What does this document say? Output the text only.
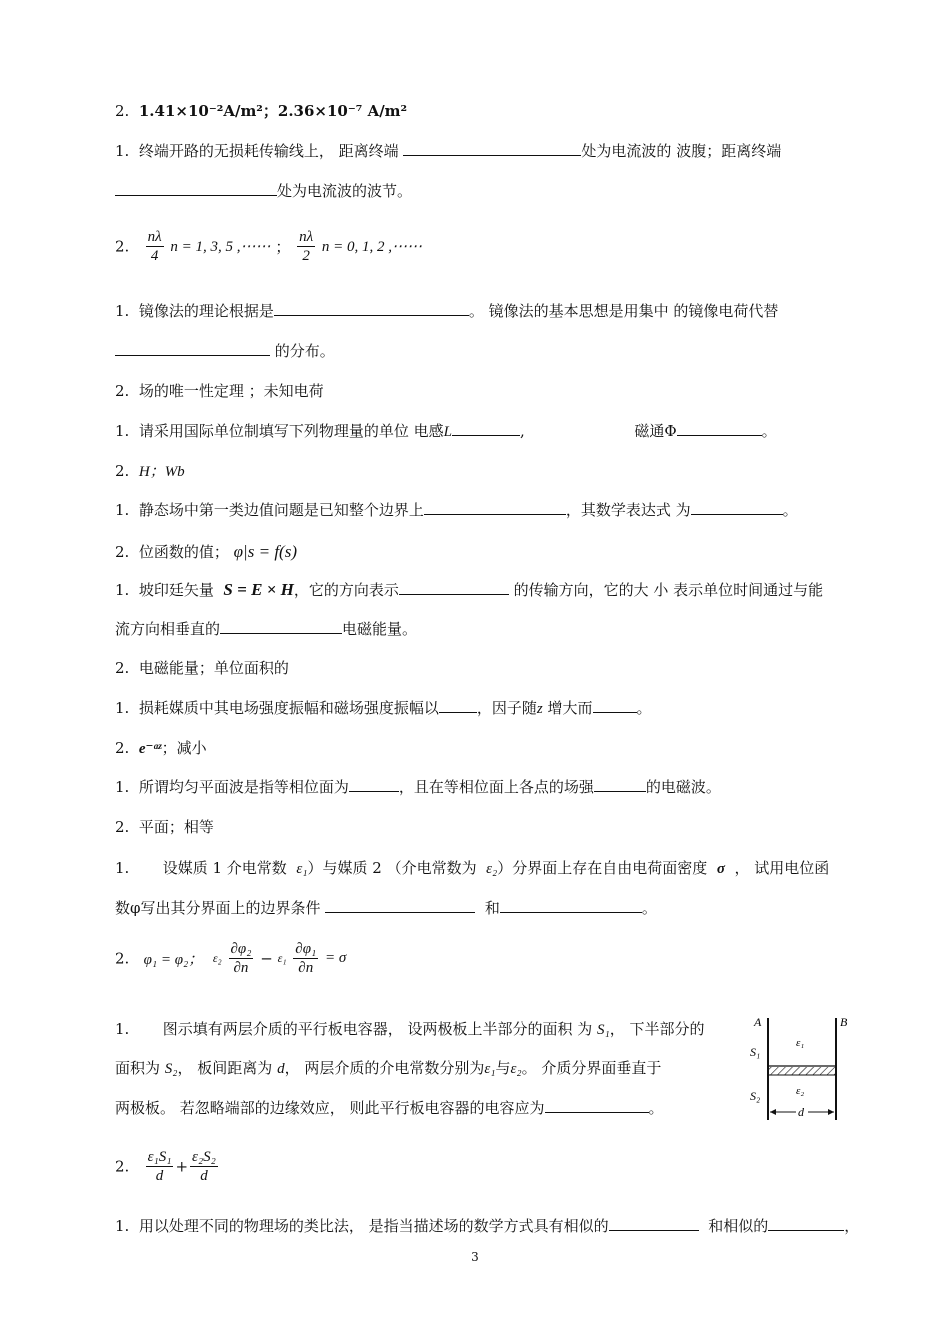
2. 1.41×10⁻²A/m²；2.36×10⁻⁷ A/m²
1. 终端开路的无损耗传输线上， 距离终端	处为电流波的 波腹；距离终端
处为电流波的波节。
2. $\frac{n\lambda}{4}$ n = 1, 3, 5 ,⋯⋯ ； $\frac{n\lambda}{2}$ n = 0, 1, 2 ,⋯⋯
1. 镜像法的理论根据是	。 镜像法的基本思想是用集中 的镜像电荷代替
的分布。
2. 场的唯一性定理 ；未知电荷
1. 请采用国际单位制填写下列物理量的单位 电感L	,	磁通Φ	。
2. H；Wb
1. 静态场中第一类边值问题是已知整个边界上	，其数学表达式 为	。
2. 位函数的值； φ|s = f(s)
1. 坡印廷矢量 S = E × H，它的方向表示	的传输方向，它的大 小 表示单位时间通过与能
流方向相垂直的	电磁能量。
2. 电磁能量；单位面积的
1. 损耗媒质中其电场强度振幅和磁场强度振幅以	，因子随z 增大而	。
2. e⁻ᵃᶻ；减小
1. 所谓均匀平面波是指等相位面为	，且在等相位面上各点的场强	的电磁波。
2. 平面；相等
1. 设媒质 1 介电常数 ε₁）与媒质 2 （介电常数为 ε₂）分界面上存在自由电荷面密度 σ ， 试用电位函
数φ写出其分界面上的边界条件	和	。
2. φ₁ = φ₂； $\varepsilon_2 \frac{\text{∂φ₂}}{\partial n} - \varepsilon_1 \frac{\text{∂φ₁}}{\partial n} = \sigma$
1. 图示填有两层介质的平行板电容器， 设两极板上半部分的面积 为 S₁， 下半部分的
面积为 S₂， 板间距离为 d， 两层介质的介电常数分别为ε₁与ε₂。 介质分界面垂直于
两极板。 若忽略端部的边缘效应， 则此平行板电容器的电容应为	。
A	B
S₁
ε₁
S₂	ε₂
d
2. $\frac{\text{ε₁S₁}}{d} + \frac{\text{ε₂S₂}}{d}$
1. 用以处理不同的物理场的类比法， 是指当描述场的数学方式具有相似的	和相似的	，
3
